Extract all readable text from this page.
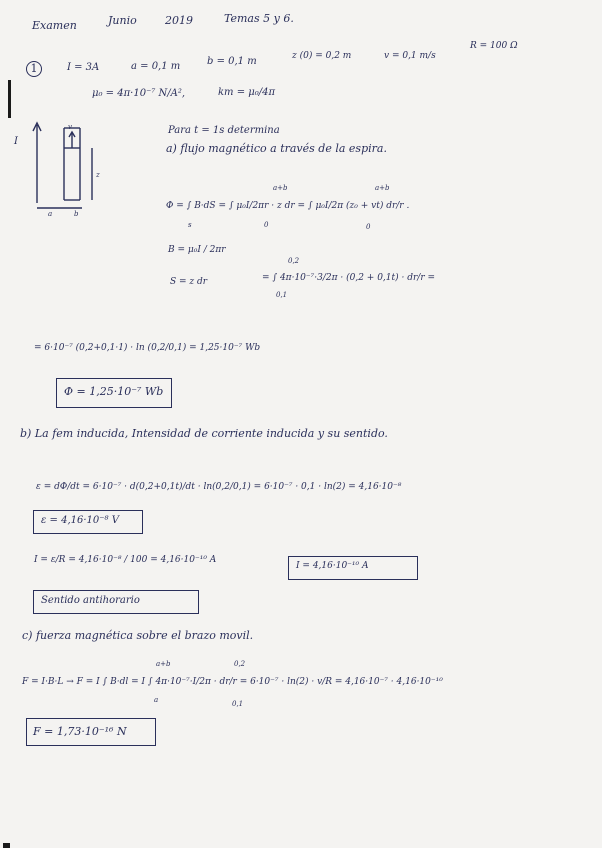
Examen	Junio	2019	Temas 5 y 6.
1	I = 3A	a = 0,1 m	b = 0,1 m	z (0) = 0,2 m	v = 0,1 m/s
R = 100 Ω
μ₀ = 4π·10⁻⁷ N/A²,	km = μ₀/4π
I
a	b
z
v	Para t = 1s determina
a) flujo magnético a través de la espira.
a+b	a+b
Φ = ∫ B·dS = ∫ μ₀I/2πr · z dr = ∫ μ₀I/2π (z₀ + vt) dr/r .
s	0	0
B = μ₀I / 2πr
S = z dr
0,2
= ∫ 4π·10⁻⁷·3/2π · (0,2 + 0,1t) · dr/r =
0,1
= 6·10⁻⁷ (0,2+0,1·1) · ln (0,2/0,1) = 1,25·10⁻⁷ Wb
Φ = 1,25·10⁻⁷ Wb
b) La fem inducida, Intensidad de corriente inducida y su sentido.
ε = dΦ/dt = 6·10⁻⁷ · d(0,2+0,1t)/dt · ln(0,2/0,1) = 6·10⁻⁷ · 0,1 · ln(2) = 4,16·10⁻⁸
ε = 4,16·10⁻⁸ V
I = ε/R = 4,16·10⁻⁸ / 100 = 4,16·10⁻¹⁰ A
I = 4,16·10⁻¹⁰ A
Sentido antihorario
c) fuerza magnética sobre el brazo movil.
a+b	0,2
F = I·B·L → F = I ∫ B·dl = I ∫ 4π·10⁻⁷·I/2π · dr/r = 6·10⁻⁷ · ln(2) · v/R = 4,16·10⁻⁷ · 4,16·10⁻¹⁰
a	0,1
F = 1,73·10⁻¹⁶ N
